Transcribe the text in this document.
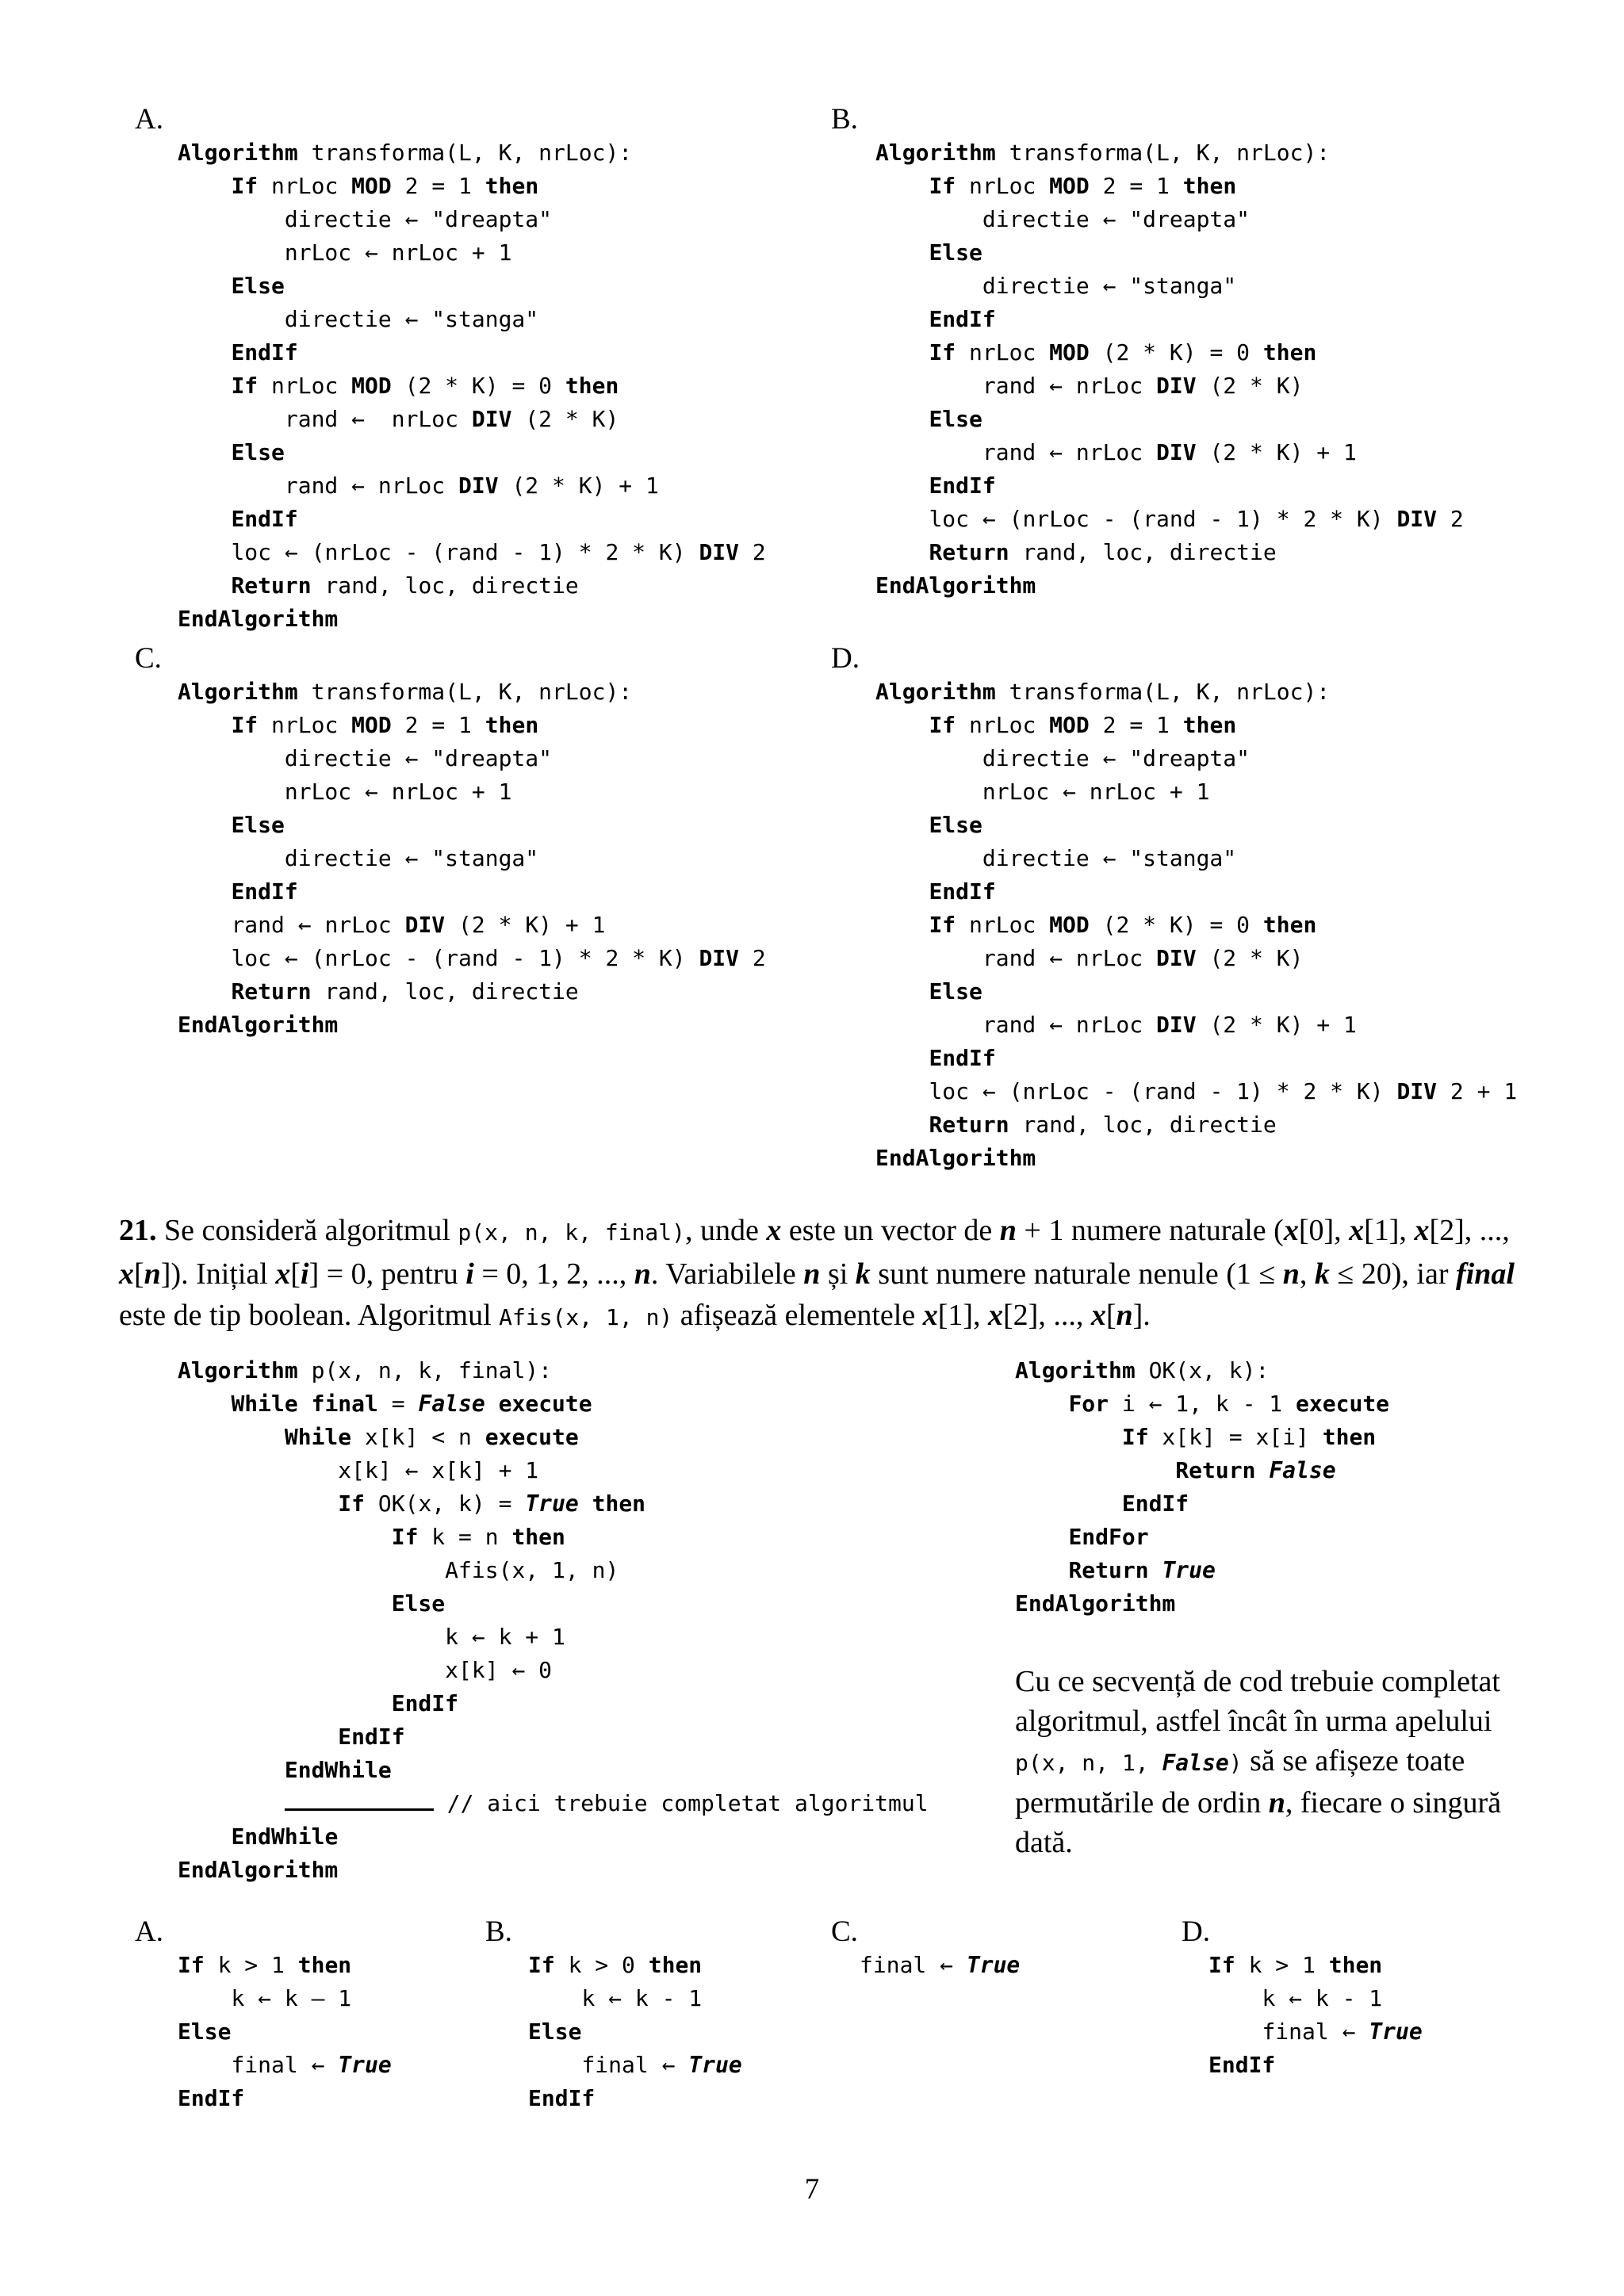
A.
Algorithm transforma(L, K, nrLoc):
If nrLoc MOD 2 = 1 then
directie ← "dreapta"
nrLoc ← nrLoc + 1
Else
directie ← "stanga"
EndIf
If nrLoc MOD (2 * K) = 0 then
rand ←  nrLoc DIV (2 * K)
Else
rand ← nrLoc DIV (2 * K) + 1
EndIf
loc ← (nrLoc - (rand - 1) * 2 * K) DIV 2
Return rand, loc, directie
EndAlgorithm
B.
Algorithm transforma(L, K, nrLoc):
If nrLoc MOD 2 = 1 then
directie ← "dreapta"
Else
directie ← "stanga"
EndIf
If nrLoc MOD (2 * K) = 0 then
rand ← nrLoc DIV (2 * K)
Else
rand ← nrLoc DIV (2 * K) + 1
EndIf
loc ← (nrLoc - (rand - 1) * 2 * K) DIV 2
Return rand, loc, directie
EndAlgorithm
C.
Algorithm transforma(L, K, nrLoc):
If nrLoc MOD 2 = 1 then
directie ← "dreapta"
nrLoc ← nrLoc + 1
Else
directie ← "stanga"
EndIf
rand ← nrLoc DIV (2 * K) + 1
loc ← (nrLoc - (rand - 1) * 2 * K) DIV 2
Return rand, loc, directie
EndAlgorithm
D.
Algorithm transforma(L, K, nrLoc):
If nrLoc MOD 2 = 1 then
directie ← "dreapta"
nrLoc ← nrLoc + 1
Else
directie ← "stanga"
EndIf
If nrLoc MOD (2 * K) = 0 then
rand ← nrLoc DIV (2 * K)
Else
rand ← nrLoc DIV (2 * K) + 1
EndIf
loc ← (nrLoc - (rand - 1) * 2 * K) DIV 2 + 1
Return rand, loc, directie
EndAlgorithm
21. Se consideră algoritmul p(x, n, k, final), unde x este un vector de n + 1 numere naturale (x[0], x[1], x[2], ..., x[n]). Inițial x[i] = 0, pentru i = 0, 1, 2, ..., n. Variabilele n și k sunt numere naturale nenule (1 ≤ n, k ≤ 20), iar final este de tip boolean. Algoritmul Afis(x, 1, n) afișează elementele x[1], x[2], ..., x[n].
Algorithm p(x, n, k, final):
While final = False execute
While x[k] < n execute
x[k] ← x[k] + 1
If OK(x, k) = True then
If k = n then
Afis(x, 1, n)
Else
k ← k + 1
x[k] ← 0
EndIf
EndIf
EndWhile
// aici trebuie completat algoritmul
EndWhile
EndAlgorithm
Algorithm OK(x, k):
For i ← 1, k - 1 execute
If x[k] = x[i] then
Return False
EndIf
EndFor
Return True
EndAlgorithm
Cu ce secvență de cod trebuie completat algoritmul, astfel încât în urma apelului p(x, n, 1, False) să se afișeze toate permutările de ordin n, fiecare o singură dată.
A.
If k > 1 then
k ← k – 1
Else
final ← True
EndIf
B.
If k > 0 then
k ← k - 1
Else
final ← True
EndIf
C.
final ← True
D.
If k > 1 then
k ← k - 1
final ← True
EndIf
7
